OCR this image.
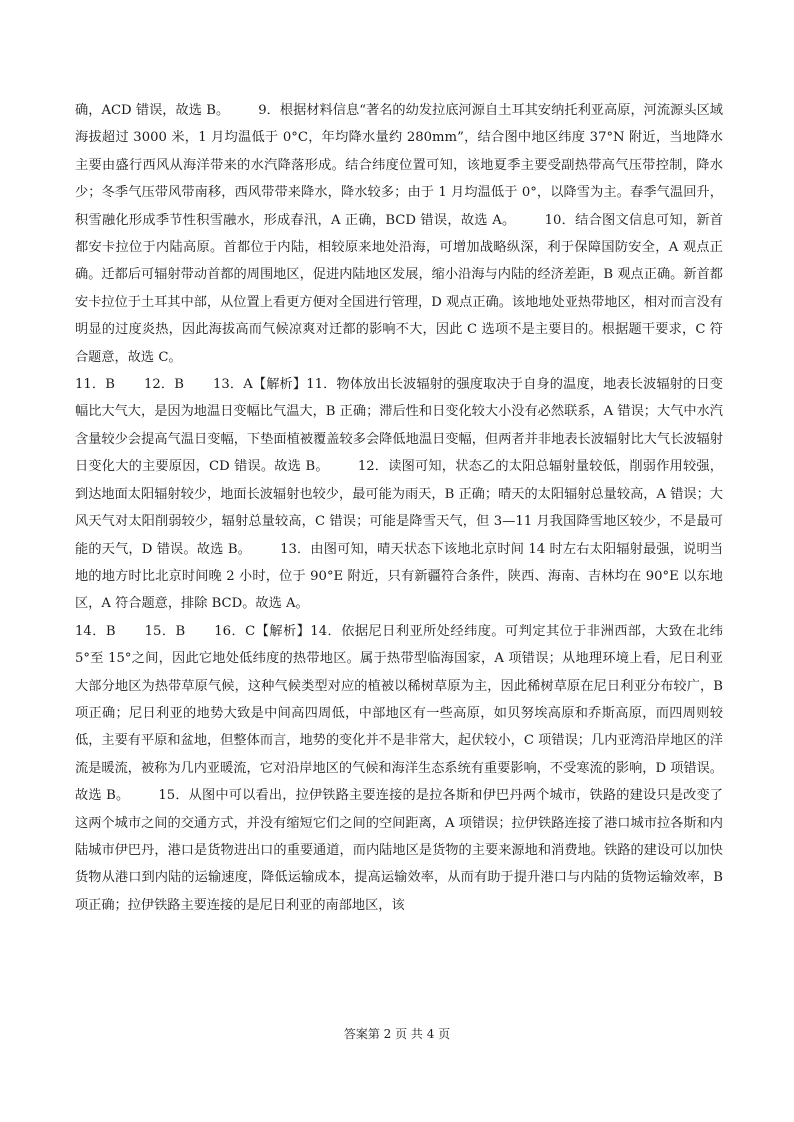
确，ACD 错误，故选 B。 9．根据材料信息“著名的幼发拉底河源自土耳其安纳托利亚高原，河流源头区域海拔超过 3000 米，1 月均温低于 0°C，年均降水量约 280mm”，结合图中地区纬度 37°N 附近，当地降水主要由盛行西风从海洋带来的水汽降落形成。结合纬度位置可知，该地夏季主要受副热带高气压带控制，降水少；冬季气压带风带南移，西风带带来降水，降水较多；由于 1 月均温低于 0°，以降雪为主。春季气温回升，积雪融化形成季节性积雪融水，形成春汛，A 正确，BCD 错误，故选 A。 10．结合图文信息可知，新首都安卡拉位于内陆高原。首都位于内陆，相较原来地处沿海，可增加战略纵深，利于保障国防安全，A 观点正确。迁都后可辐射带动首都的周围地区，促进内陆地区发展，缩小沿海与内陆的经济差距，B 观点正确。新首都安卡拉位于土耳其中部，从位置上看更方便对全国进行管理，D 观点正确。该地地处亚热带地区，相对而言没有明显的过度炎热，因此海拔高而气候凉爽对迁都的影响不大，因此 C 选项不是主要目的。根据题干要求，C 符合题意，故选 C。

11．B 12．B 13．A【解析】11．物体放出长波辐射的强度取决于自身的温度，地表长波辐射的日变幅比大气大，是因为地温日变幅比气温大，B 正确；滞后性和日变化较大小没有必然联系，A 错误；大气中水汽含量较少会提高气温日变幅，下垫面植被覆盖较多会降低地温日变幅，但两者并非地表长波辐射比大气长波辐射日变化大的主要原因，CD 错误。故选 B。 12．读图可知，状态乙的太阳总辐射量较低，削弱作用较强，到达地面太阳辐射较少，地面长波辐射也较少，最可能为雨天，B 正确；晴天的太阳辐射总量较高，A 错误；大风天气对太阳削弱较少，辐射总量较高，C 错误；可能是降雪天气，但 3—11 月我国降雪地区较少，不是最可能的天气，D 错误。故选 B。 13．由图可知，晴天状态下该地北京时间 14 时左右太阳辐射最强，说明当地的地方时比北京时间晚 2 小时，位于 90°E 附近，只有新疆符合条件，陕西、海南、吉林均在 90°E 以东地区，A 符合题意，排除 BCD。故选 A。

14．B 15．B 16．C【解析】14．依据尼日利亚所处经纬度。可判定其位于非洲西部，大致在北纬 5°至 15°之间，因此它地处低纬度的热带地区。属于热带型临海国家，A 项错误；从地理环境上看，尼日利亚大部分地区为热带草原气候，这种气候类型对应的植被以稀树草原为主，因此稀树草原在尼日利亚分布较广，B 项正确；尼日利亚的地势大致是中间高四周低，中部地区有一些高原，如贝努埃高原和乔斯高原，而四周则较低，主要有平原和盆地，但整体而言，地势的变化并不是非常大，起伏较小，C 项错误；几内亚湾沿岸地区的洋流是暖流，被称为几内亚暖流，它对沿岸地区的气候和海洋生态系统有重要影响，不受寒流的影响，D 项错误。故选 B。 15．从图中可以看出，拉伊铁路主要连接的是拉各斯和伊巴丹两个城市，铁路的建设只是改变了这两个城市之间的交通方式，并没有缩短它们之间的空间距离，A 项错误；拉伊铁路连接了港口城市拉各斯和内陆城市伊巴丹，港口是货物进出口的重要通道，而内陆地区是货物的主要来源地和消费地。铁路的建设可以加快货物从港口到内陆的运输速度，降低运输成本，提高运输效率，从而有助于提升港口与内陆的货物运输效率，B 项正确；拉伊铁路主要连接的是尼日利亚的南部地区，该

答案第 2 页 共 4 页
